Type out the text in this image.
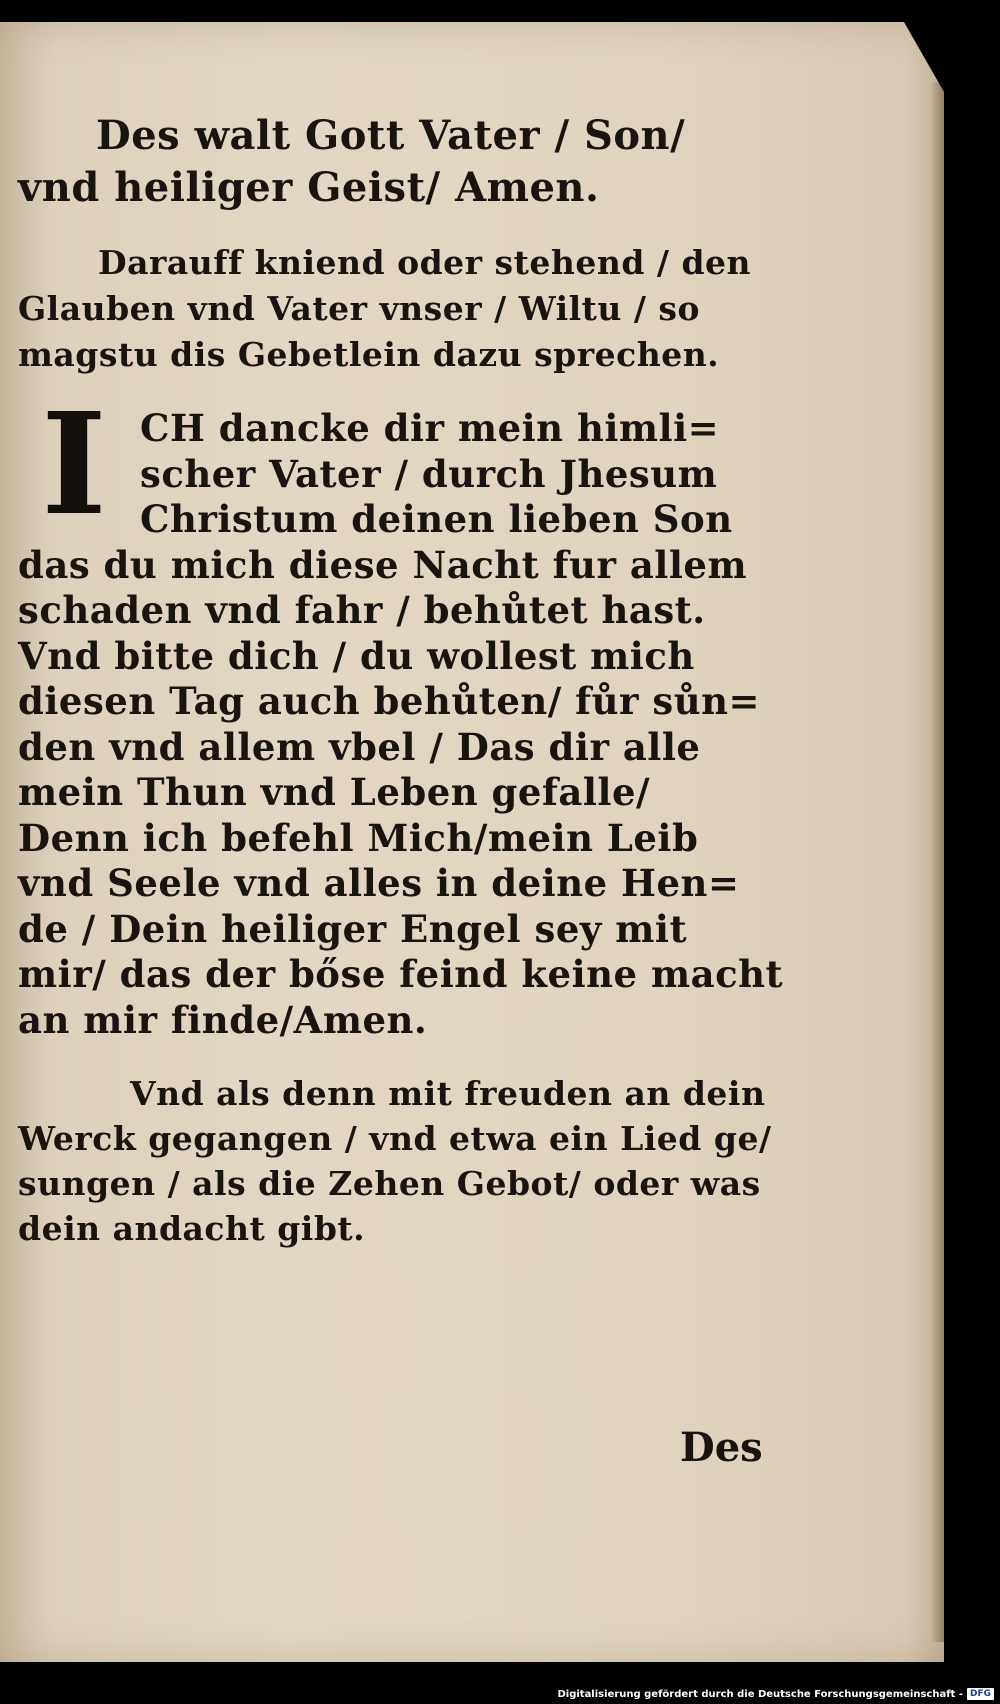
Des walt Gott Vater / Son/
vnd heiliger Geist/ Amen.
Darauff kniend oder stehend / den
Glauben vnd Vater vnser / Wiltu / so
magstu dis Gebetlein dazu sprechen.
I CH dancke dir mein himli=
scher Vater / durch Jhesum
Christum deinen lieben Son
das du mich diese Nacht fur allem
schaden vnd fahr / behůtet hast.
Vnd bitte dich / du wollest mich
diesen Tag auch behůten/ fůr sůn=
den vnd allem vbel / Das dir alle
mein Thun vnd Leben gefalle/
Denn ich befehl Mich/mein Leib
vnd Seele vnd alles in deine Hen=
de / Dein heiliger Engel sey mit
mir/ das der bőse feind keine macht
an mir finde/Amen.
Vnd als denn mit freuden an dein
Werck gegangen / vnd etwa ein Lied ge/
sungen / als die Zehen Gebot/ oder was
dein andacht gibt.
Des
Digitalisierung gefördert durch die Deutsche Forschungsgemeinschaft - DFG
